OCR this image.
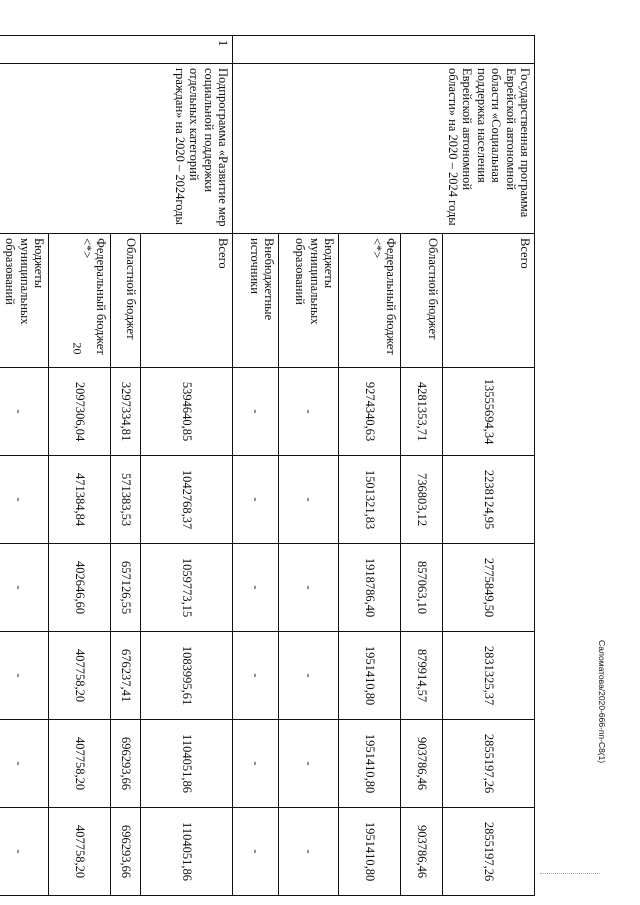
20
	Государственная программа Еврейской автономной области «Социальная поддержка населения Еврейской автономной области» на 2020 – 2024 годы	Всего	13555694,34	2238124,95	2775849,50	2831325,37	2855197,26	2855197,26
		Областной бюджет	4281353,71	736803,12	857063,10	879914,57	903786,46	903786,46
		Федеральный бюджет <*>	9274340,63	1501321,83	1918786,40	1951410,80	1951410,80	1951410,80
		Бюджеты муниципальных образований	-	-	-	-	-	-
		Внебюджетные источники	-	-	-	-	-	-
1	Подпрограмма «Развитие мер социальной поддержки отдельных категорий граждан» на 2020 – 2024годы	Всего	5394640,85	1042768,37	1059773,15	1083995,61	1104051,86	1104051,86
		Областной бюджет	3297334,81	571383,53	657126,55	676237,41	696293,66	696293,66
		Федеральный бюджет <*>	2097306,04	471384,84	402646,60	407758,20	407758,20	407758,20
		Бюджеты муниципальных образований	-	-	-	-	-	-

Саломатова/2020-666-пп-С8(1)
